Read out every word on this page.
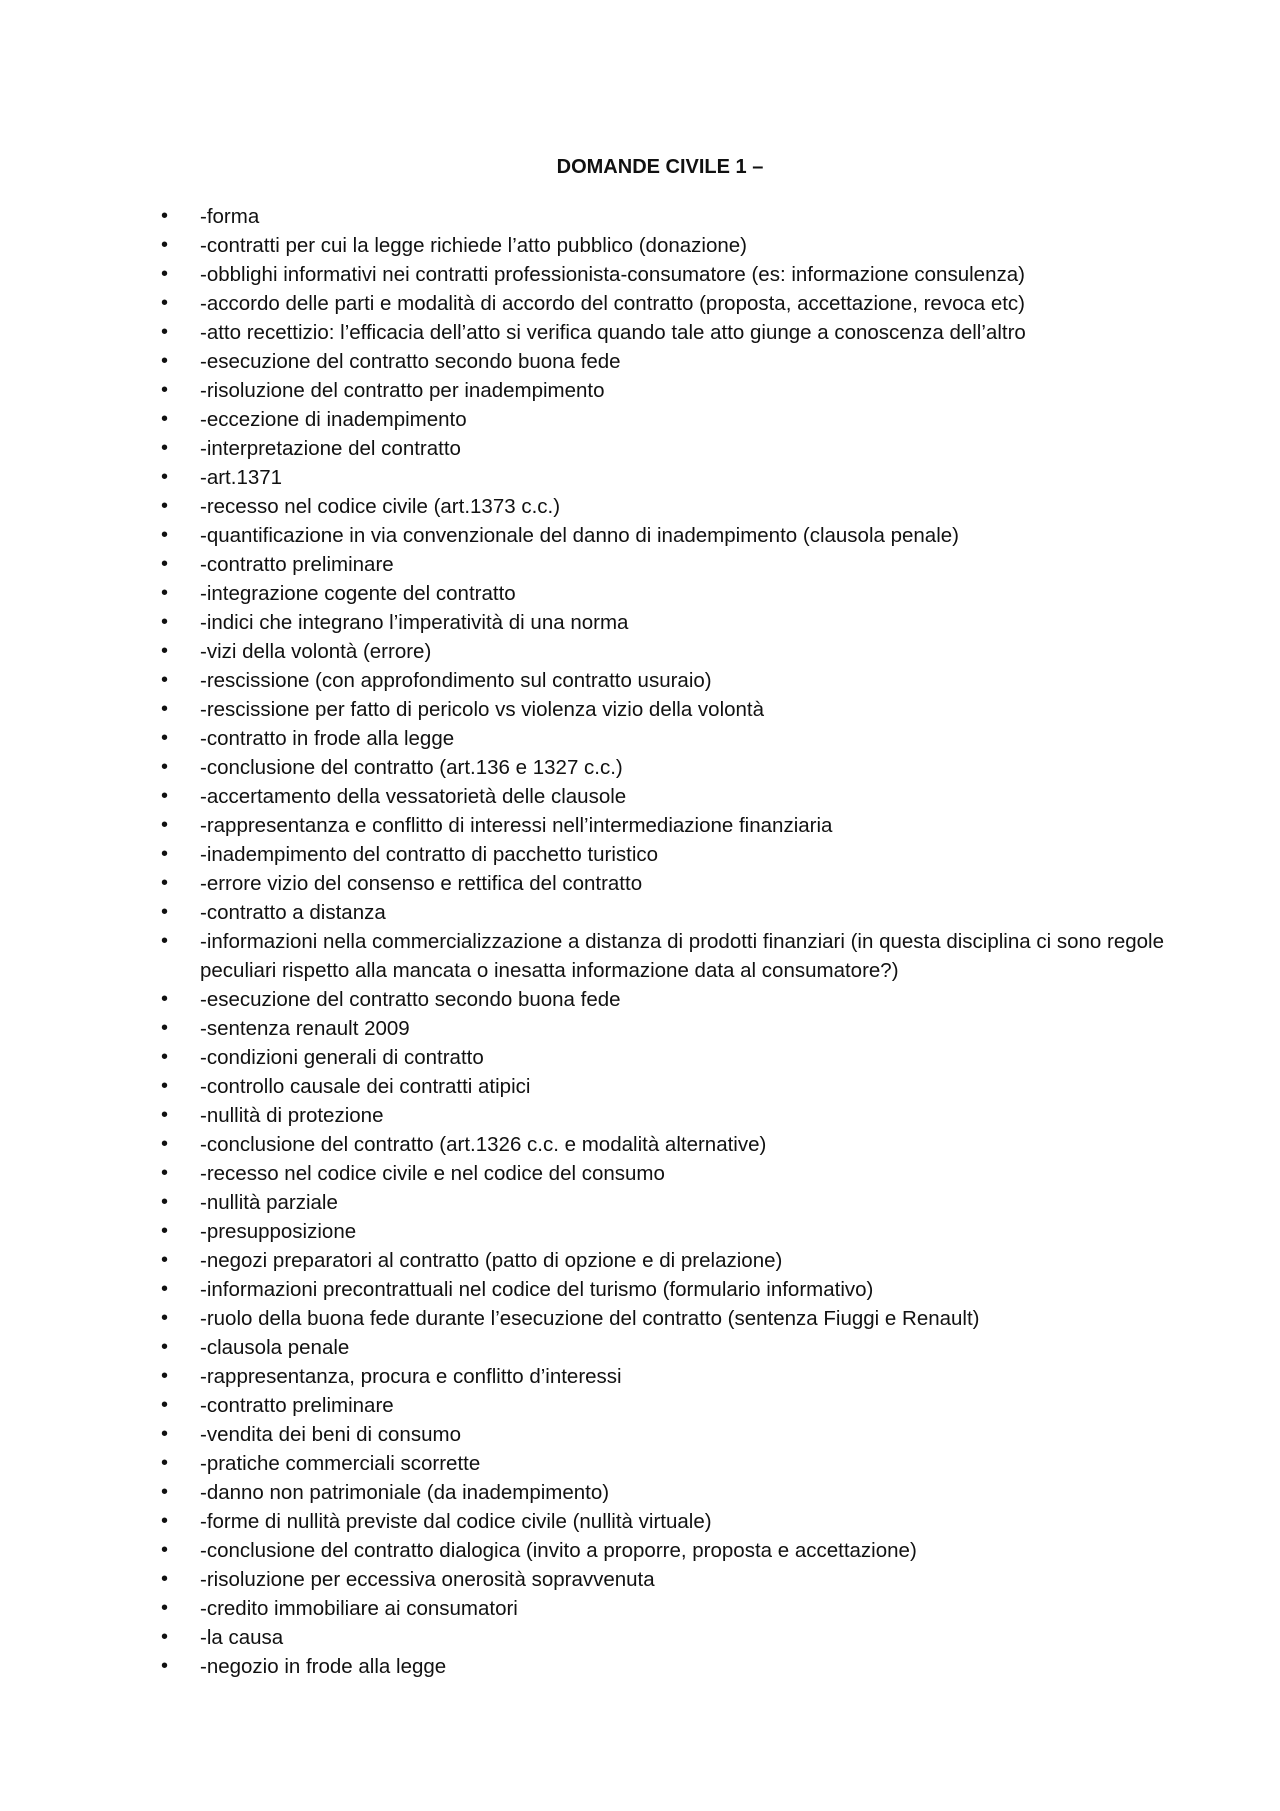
DOMANDE CIVILE 1 –
• -forma
• -contratti per cui la legge richiede l’atto pubblico (donazione)
• -obblighi informativi nei contratti professionista-consumatore (es: informazione consulenza)
• -accordo delle parti e modalità di accordo del contratto (proposta, accettazione, revoca etc)
• -atto recettizio: l’efficacia dell’atto si verifica quando tale atto giunge a conoscenza dell’altro
• -esecuzione del contratto secondo buona fede
• -risoluzione del contratto per inadempimento
• -eccezione di inadempimento
• -interpretazione del contratto
• -art.1371
• -recesso nel codice civile (art.1373 c.c.)
• -quantificazione in via convenzionale del danno di inadempimento (clausola penale)
• -contratto preliminare
• -integrazione cogente del contratto
• -indici che integrano l’imperatività di una norma
• -vizi della volontà (errore)
• -rescissione (con approfondimento sul contratto usuraio)
• -rescissione per fatto di pericolo vs violenza vizio della volontà
• -contratto in frode alla legge
• -conclusione del contratto (art.136 e 1327 c.c.)
• -accertamento della vessatorietà delle clausole
• -rappresentanza e conflitto di interessi nell’intermediazione finanziaria
• -inadempimento del contratto di pacchetto turistico
• -errore vizio del consenso e rettifica del contratto
• -contratto a distanza
• -informazioni nella commercializzazione a distanza di prodotti finanziari (in questa disciplina ci sono regole peculiari rispetto alla mancata o inesatta informazione data al consumatore?)
• -esecuzione del contratto secondo buona fede
• -sentenza renault 2009
• -condizioni generali di contratto
• -controllo causale dei contratti atipici
• -nullità di protezione
• -conclusione del contratto (art.1326 c.c. e modalità alternative)
• -recesso nel codice civile e nel codice del consumo
• -nullità parziale
• -presupposizione
• -negozi preparatori al contratto (patto di opzione e di prelazione)
• -informazioni precontrattuali nel codice del turismo (formulario informativo)
• -ruolo della buona fede durante l’esecuzione del contratto (sentenza Fiuggi e Renault)
• -clausola penale
• -rappresentanza, procura e conflitto d’interessi
• -contratto preliminare
• -vendita dei beni di consumo
• -pratiche commerciali scorrette
• -danno non patrimoniale (da inadempimento)
• -forme di nullità previste dal codice civile (nullità virtuale)
• -conclusione del contratto dialogica (invito a proporre, proposta e accettazione)
• -risoluzione per eccessiva onerosità sopravvenuta
• -credito immobiliare ai consumatori
• -la causa
• -negozio in frode alla legge
